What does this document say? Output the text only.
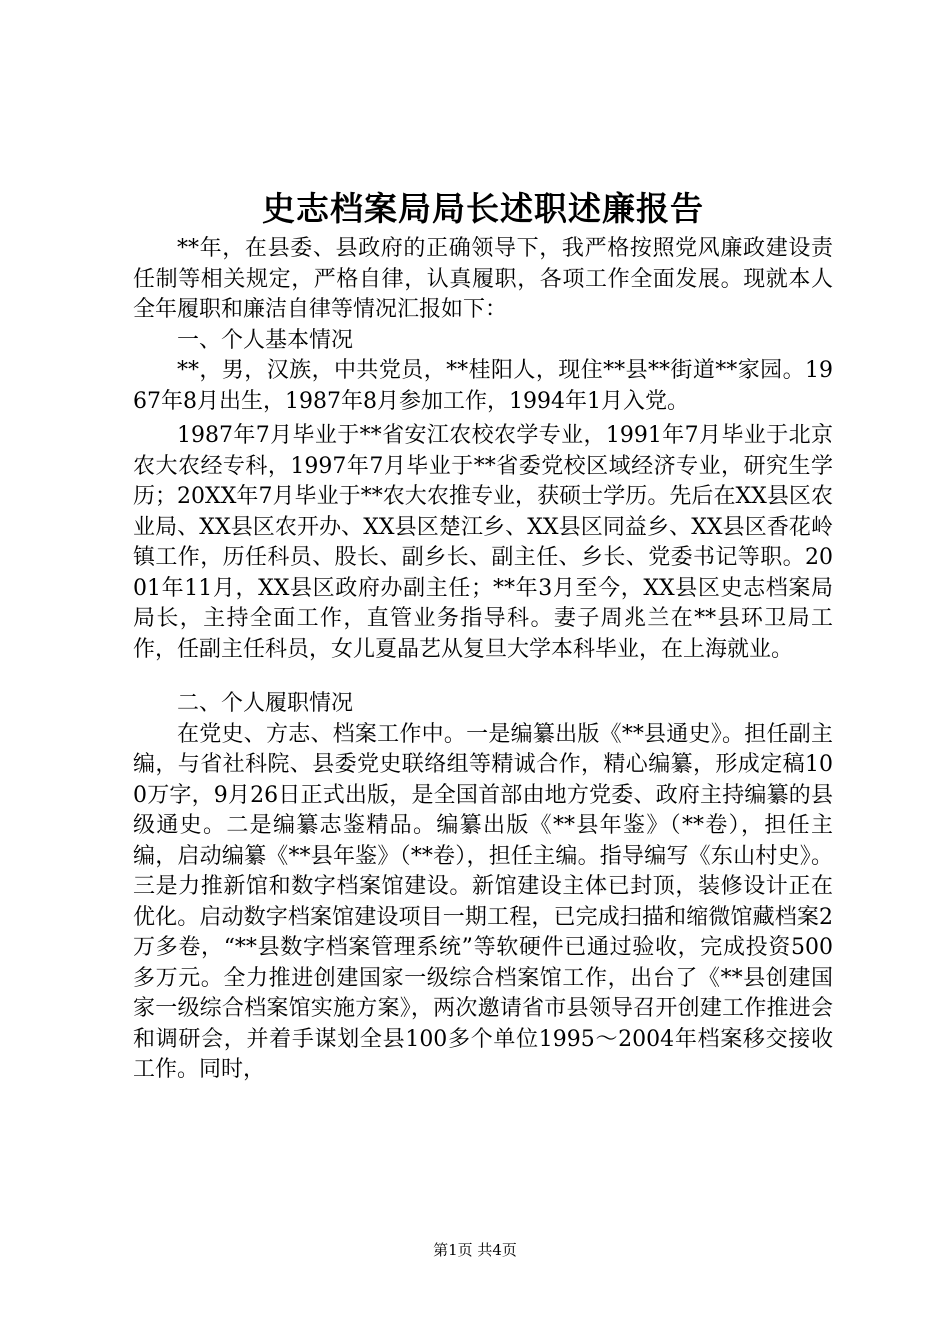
史志档案局局长述职述廉报告

**年，在县委、县政府的正确领导下，我严格按照党风廉政建设责任制等相关规定，严格自律，认真履职，各项工作全面发展。现就本人全年履职和廉洁自律等情况汇报如下：

一、个人基本情况

**，男，汉族，中共党员，**桂阳人，现住**县**街道**家园。1967年8月出生，1987年8月参加工作，1994年1月入党。

1987年7月毕业于**省安江农校农学专业，1991年7月毕业于北京农大农经专科，1997年7月毕业于**省委党校区域经济专业，研究生学历；20XX年7月毕业于**农大农推专业，获硕士学历。先后在XX县区农业局、XX县区农开办、XX县区楚江乡、XX县区同益乡、XX县区香花岭镇工作，历任科员、股长、副乡长、副主任、乡长、党委书记等职。2001年11月，XX县区政府办副主任；**年3月至今，XX县区史志档案局局长，主持全面工作，直管业务指导科。妻子周兆兰在**县环卫局工作，任副主任科员，女儿夏晶艺从复旦大学本科毕业，在上海就业。

二、个人履职情况

在党史、方志、档案工作中。一是编纂出版《**县通史》。担任副主编，与省社科院、县委党史联络组等精诚合作，精心编纂，形成定稿100万字，9月26日正式出版，是全国首部由地方党委、政府主持编纂的县级通史。二是编纂志鉴精品。编纂出版《**县年鉴》（**卷），担任主编，启动编纂《**县年鉴》（**卷），担任主编。指导编写《东山村史》。三是力推新馆和数字档案馆建设。新馆建设主体已封顶，装修设计正在优化。启动数字档案馆建设项目一期工程，已完成扫描和缩微馆藏档案2万多卷，“**县数字档案管理系统”等软硬件已通过验收，完成投资500多万元。全力推进创建国家一级综合档案馆工作，出台了《**县创建国家一级综合档案馆实施方案》，两次邀请省市县领导召开创建工作推进会和调研会，并着手谋划全县100多个单位1995～2004年档案移交接收工作。同时，

第1页 共4页
